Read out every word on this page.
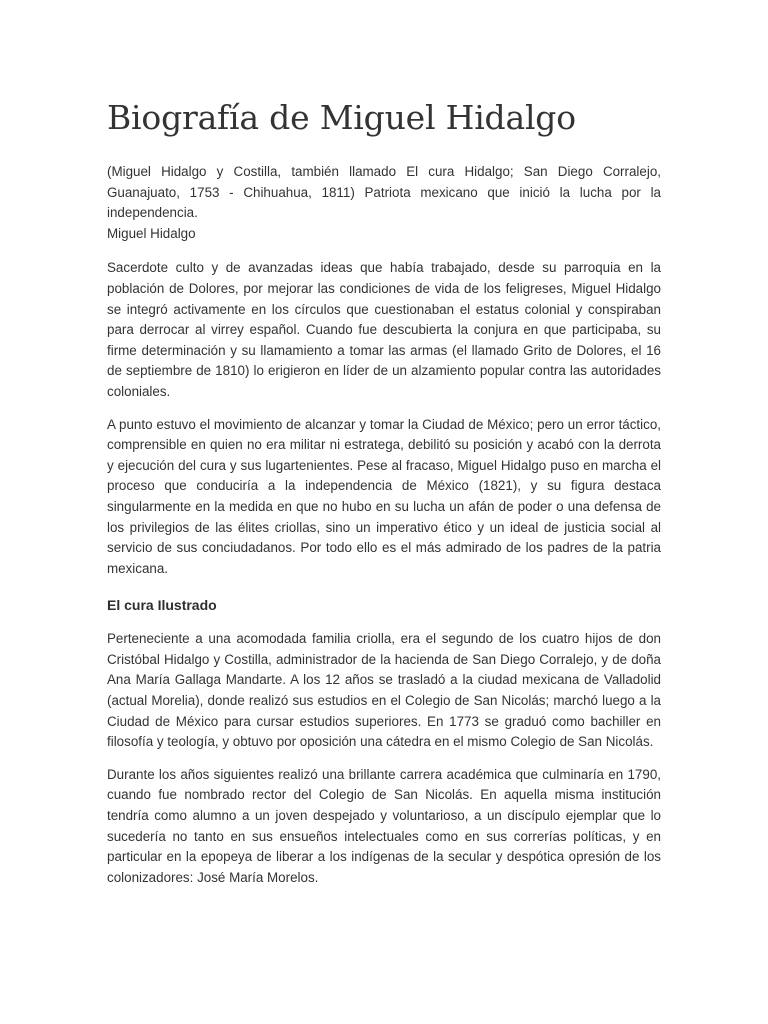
Biografía de Miguel Hidalgo
(Miguel Hidalgo y Costilla, también llamado El cura Hidalgo; San Diego Corralejo, Guanajuato, 1753 - Chihuahua, 1811) Patriota mexicano que inició la lucha por la independencia.
Miguel Hidalgo

Sacerdote culto y de avanzadas ideas que había trabajado, desde su parroquia en la población de Dolores, por mejorar las condiciones de vida de los feligreses, Miguel Hidalgo se integró activamente en los círculos que cuestionaban el estatus colonial y conspiraban para derrocar al virrey español. Cuando fue descubierta la conjura en que participaba, su firme determinación y su llamamiento a tomar las armas (el llamado Grito de Dolores, el 16 de septiembre de 1810) lo erigieron en líder de un alzamiento popular contra las autoridades coloniales.

A punto estuvo el movimiento de alcanzar y tomar la Ciudad de México; pero un error táctico, comprensible en quien no era militar ni estratega, debilitó su posición y acabó con la derrota y ejecución del cura y sus lugartenientes. Pese al fracaso, Miguel Hidalgo puso en marcha el proceso que conduciría a la independencia de México (1821), y su figura destaca singularmente en la medida en que no hubo en su lucha un afán de poder o una defensa de los privilegios de las élites criollas, sino un imperativo ético y un ideal de justicia social al servicio de sus conciudadanos. Por todo ello es el más admirado de los padres de la patria mexicana.

El cura Ilustrado

Perteneciente a una acomodada familia criolla, era el segundo de los cuatro hijos de don Cristóbal Hidalgo y Costilla, administrador de la hacienda de San Diego Corralejo, y de doña Ana María Gallaga Mandarte. A los 12 años se trasladó a la ciudad mexicana de Valladolid (actual Morelia), donde realizó sus estudios en el Colegio de San Nicolás; marchó luego a la Ciudad de México para cursar estudios superiores. En 1773 se graduó como bachiller en filosofía y teología, y obtuvo por oposición una cátedra en el mismo Colegio de San Nicolás.

Durante los años siguientes realizó una brillante carrera académica que culminaría en 1790, cuando fue nombrado rector del Colegio de San Nicolás. En aquella misma institución tendría como alumno a un joven despejado y voluntarioso, a un discípulo ejemplar que lo sucedería no tanto en sus ensueños intelectuales como en sus correrías políticas, y en particular en la epopeya de liberar a los indígenas de la secular y despótica opresión de los colonizadores: José María Morelos.
